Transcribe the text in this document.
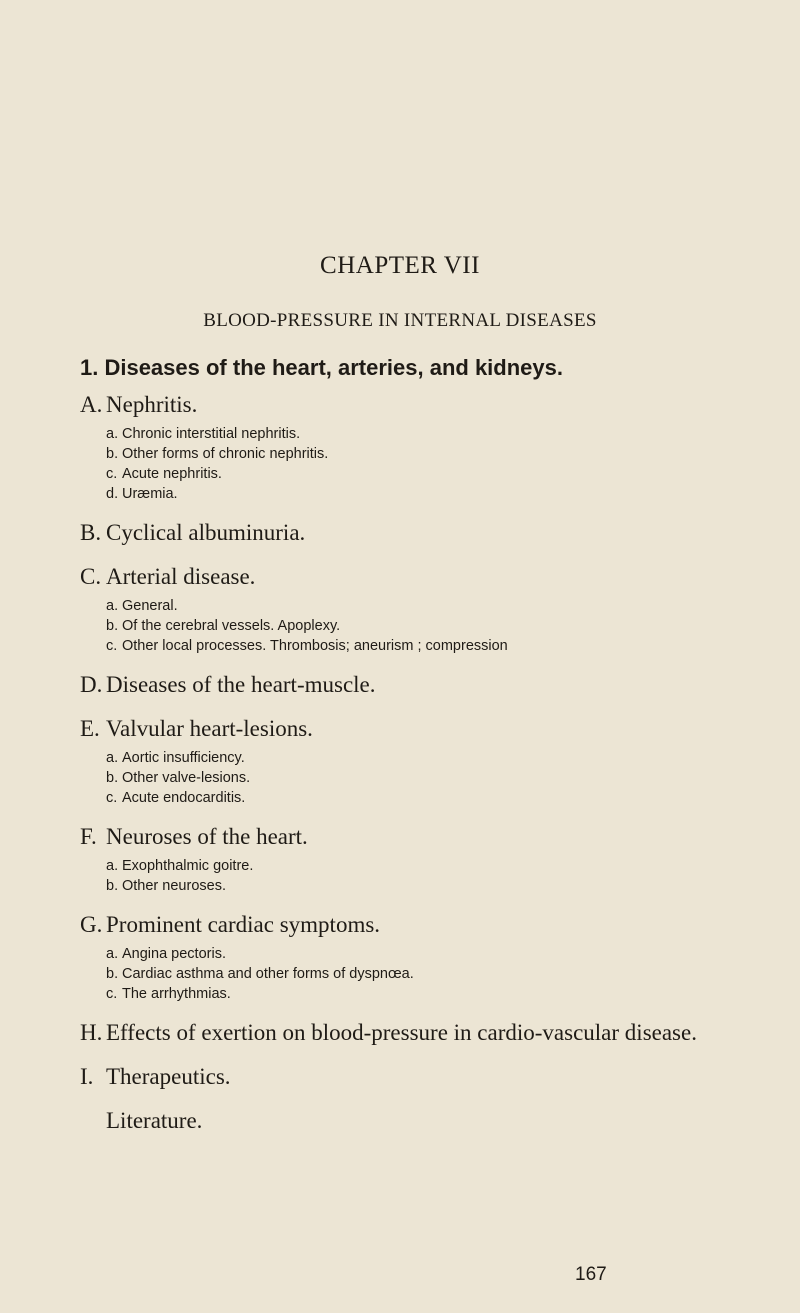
CHAPTER VII
BLOOD-PRESSURE IN INTERNAL DISEASES
1. Diseases of the heart, arteries, and kidneys.
A. Nephritis.
a. Chronic interstitial nephritis.
b. Other forms of chronic nephritis.
c. Acute nephritis.
d. Uræmia.
B. Cyclical albuminuria.
C. Arterial disease.
a. General.
b. Of the cerebral vessels. Apoplexy.
c. Other local processes. Thrombosis; aneurism ; compression
D. Diseases of the heart-muscle.
E. Valvular heart-lesions.
a. Aortic insufficiency.
b. Other valve-lesions.
c. Acute endocarditis.
F. Neuroses of the heart.
a. Exophthalmic goitre.
b. Other neuroses.
G. Prominent cardiac symptoms.
a. Angina pectoris.
b. Cardiac asthma and other forms of dyspnœa.
c. The arrhythmias.
H. Effects of exertion on blood-pressure in cardio-vascular disease.
I. Therapeutics.
Literature.
167
